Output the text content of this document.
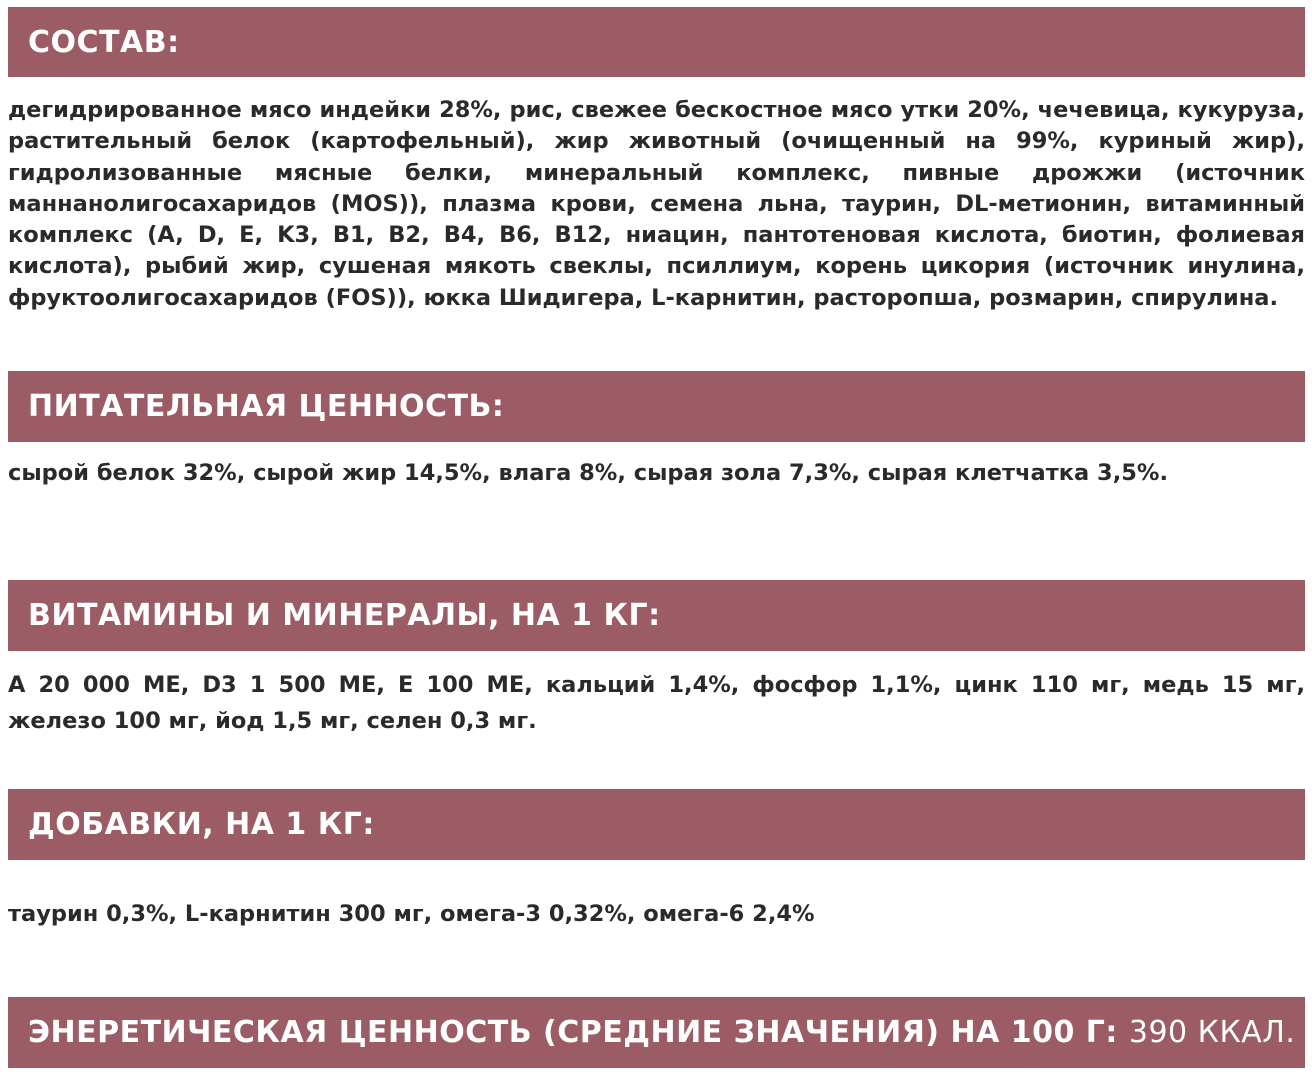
СОСТАВ:

дегидрированное мясо индейки 28%, рис, свежее бескостное мясо утки 20%, чечевица, кукуруза, растительный белок (картофельный), жир животный (очищенный на 99%, куриный жир), гидролизованные мясные белки, минеральный комплекс, пивные дрожжи (источник маннанолигосахаридов (MOS)), плазма крови, семена льна, таурин, DL-метионин, витаминный комплекс (A, D, E, K3, B1, B2, B4, B6, B12, ниацин, пантотеновая кислота, биотин, фолиевая кислота), рыбий жир, сушеная мякоть свеклы, псиллиум, корень цикория (источник инулина, фруктоолигосахаридов (FOS)), юкка Шидигера, L-карнитин, расторопша, розмарин, спирулина.

ПИТАТЕЛЬНАЯ ЦЕННОСТЬ:

сырой белок 32%, сырой жир 14,5%, влага 8%, сырая зола 7,3%, сырая клетчатка 3,5%.

ВИТАМИНЫ И МИНЕРАЛЫ, НА 1 КГ:

A 20 000 ME, D3 1 500 ME, E 100 ME, кальций 1,4%, фосфор 1,1%, цинк 110 мг, медь 15 мг, железо 100 мг, йод 1,5 мг, селен 0,3 мг.

ДОБАВКИ, НА 1 КГ:

таурин 0,3%, L-карнитин 300 мг, омега-3 0,32%, омега-6 2,4%

ЭНЕРЕТИЧЕСКАЯ ЦЕННОСТЬ (СРЕДНИЕ ЗНАЧЕНИЯ) НА 100 Г:
390 ККАЛ.
